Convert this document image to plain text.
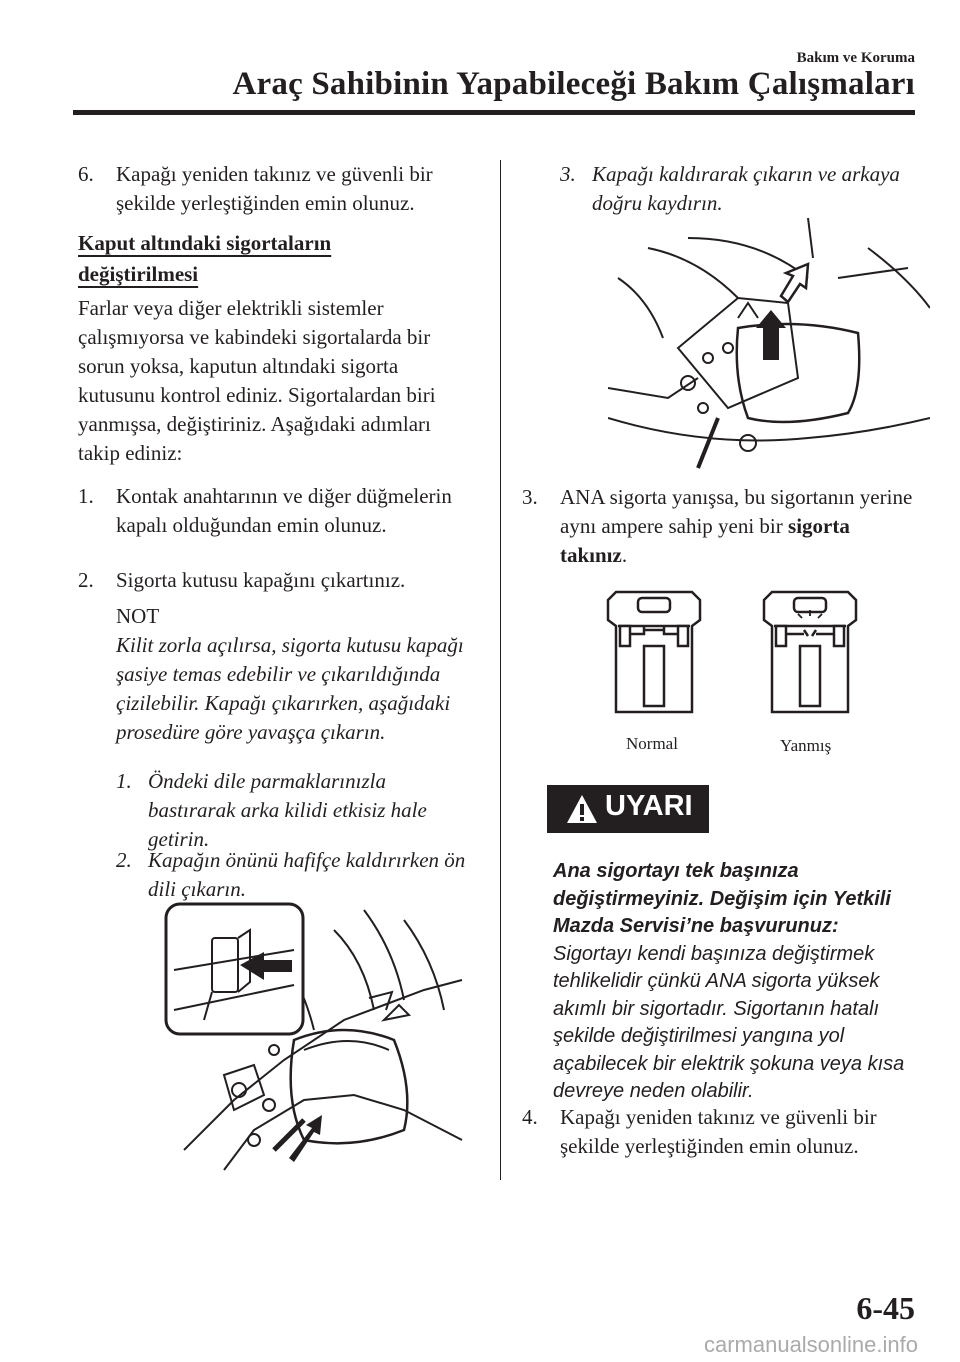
Bakım ve Koruma
Araç Sahibinin Yapabileceği Bakım Çalışmaları
6. Kapağı yeniden takınız ve güvenli bir şekilde yerleştiğinden emin olunuz.
Kaput altındaki sigortaların
değiştirilmesi
Farlar veya diğer elektrikli sistemler çalışmıyorsa ve kabindeki sigortalarda bir sorun yoksa, kaputun altındaki sigorta kutusunu kontrol ediniz. Sigortalardan biri yanmışsa, değiştiriniz. Aşağıdaki adımları takip ediniz:
1. Kontak anahtarının ve diğer düğmelerin kapalı olduğundan emin olunuz.
2. Sigorta kutusu kapağını çıkartınız.
NOT
Kilit zorla açılırsa, sigorta kutusu kapağı şasiye temas edebilir ve çıkarıldığında çizilebilir. Kapağı çıkarırken, aşağıdaki prosedüre göre yavaşça çıkarın.
1. Öndeki dile parmaklarınızla bastırarak arka kilidi etkisiz hale getirin.
2. Kapağın önünü hafifçe kaldırırken ön dili çıkarın.
3. Kapağı kaldırarak çıkarın ve arkaya doğru kaydırın.
3. ANA sigorta yanışsa, bu sigortanın yerine aynı ampere sahip yeni bir sigorta takınız.
Normal	Yanmış
UYARI
Ana sigortayı tek başınıza değiştirmeyiniz. Değişim için Yetkili Mazda Servisi’ne başvurunuz:
Sigortayı kendi başınıza değiştirmek tehlikelidir çünkü ANA sigorta yüksek akımlı bir sigortadır. Sigortanın hatalı şekilde değiştirilmesi yangına yol açabilecek bir elektrik şokuna veya kısa devreye neden olabilir.
4. Kapağı yeniden takınız ve güvenli bir şekilde yerleştiğinden emin olunuz.
6-45
carmanualsonline.info
